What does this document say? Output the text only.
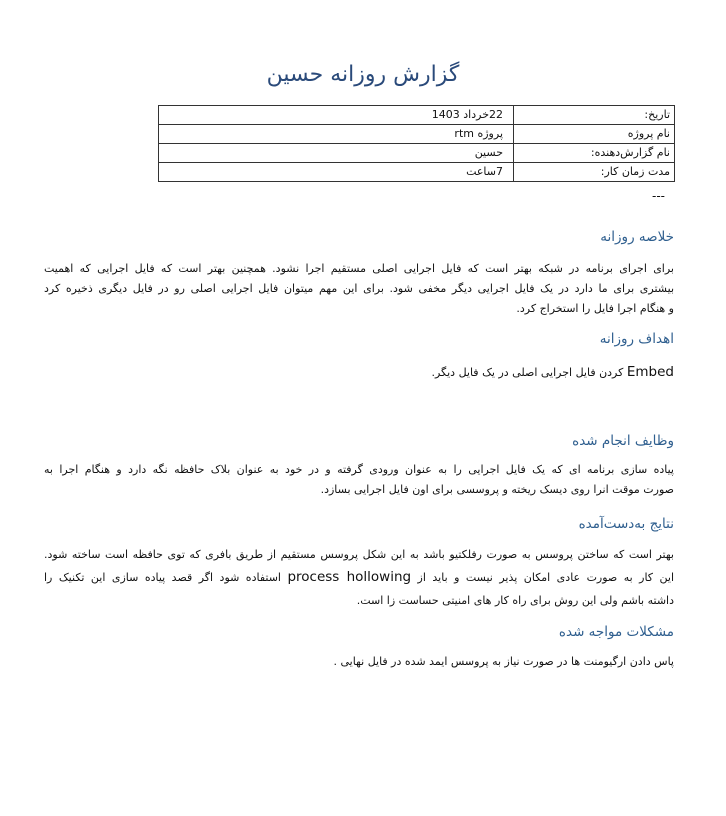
گزارش روزانه حسین
تاریخ:	22خرداد 1403
نام پروژه	پروژه rtm
نام گزارش‌دهنده:	حسین
مدت زمان کار:	7ساعت
---
خلاصه روزانه
برای اجرای برنامه در شبکه بهتر است که فایل اجرایی اصلی مستقیم اجرا نشود. همچنین بهتر است که فایل اجرایی که اهمیت
بیشتری برای ما دارد در یک فایل اجرایی دیگر مخفی شود. برای این مهم میتوان فایل اجرایی اصلی رو در فایل دیگری ذخیره کرد
و هنگام اجرا فایل را استخراج کرد.
اهداف روزانه
Embed کردن فایل اجرایی اصلی در یک فایل دیگر.
وظایف انجام شده
پیاده سازی برنامه ای که یک فایل اجرایی را به عنوان ورودی گرفته و در خود به عنوان بلاک حافظه نگه دارد و هنگام اجرا به
صورت موقت انرا روی دیسک ریخته و پروسسی برای اون فایل اجرایی بسازد.
نتایج به‌دست‌آمده
بهتر است که ساختن پروسس به صورت رفلکتیو باشد به این شکل پروسس مستقیم از طریق بافری که توی حافظه است ساخته شود.
این کار به صورت عادی امکان پذیر نیست و باید از process hollowing استفاده شود اگر قصد پیاده سازی این تکنیک را
داشته باشم ولی این روش برای راه کار های امنیتی حساست زا است.
مشکلات مواجه شده
پاس دادن ارگیومنت ها در صورت نیاز به پروسس ایمد شده در فایل نهایی .
